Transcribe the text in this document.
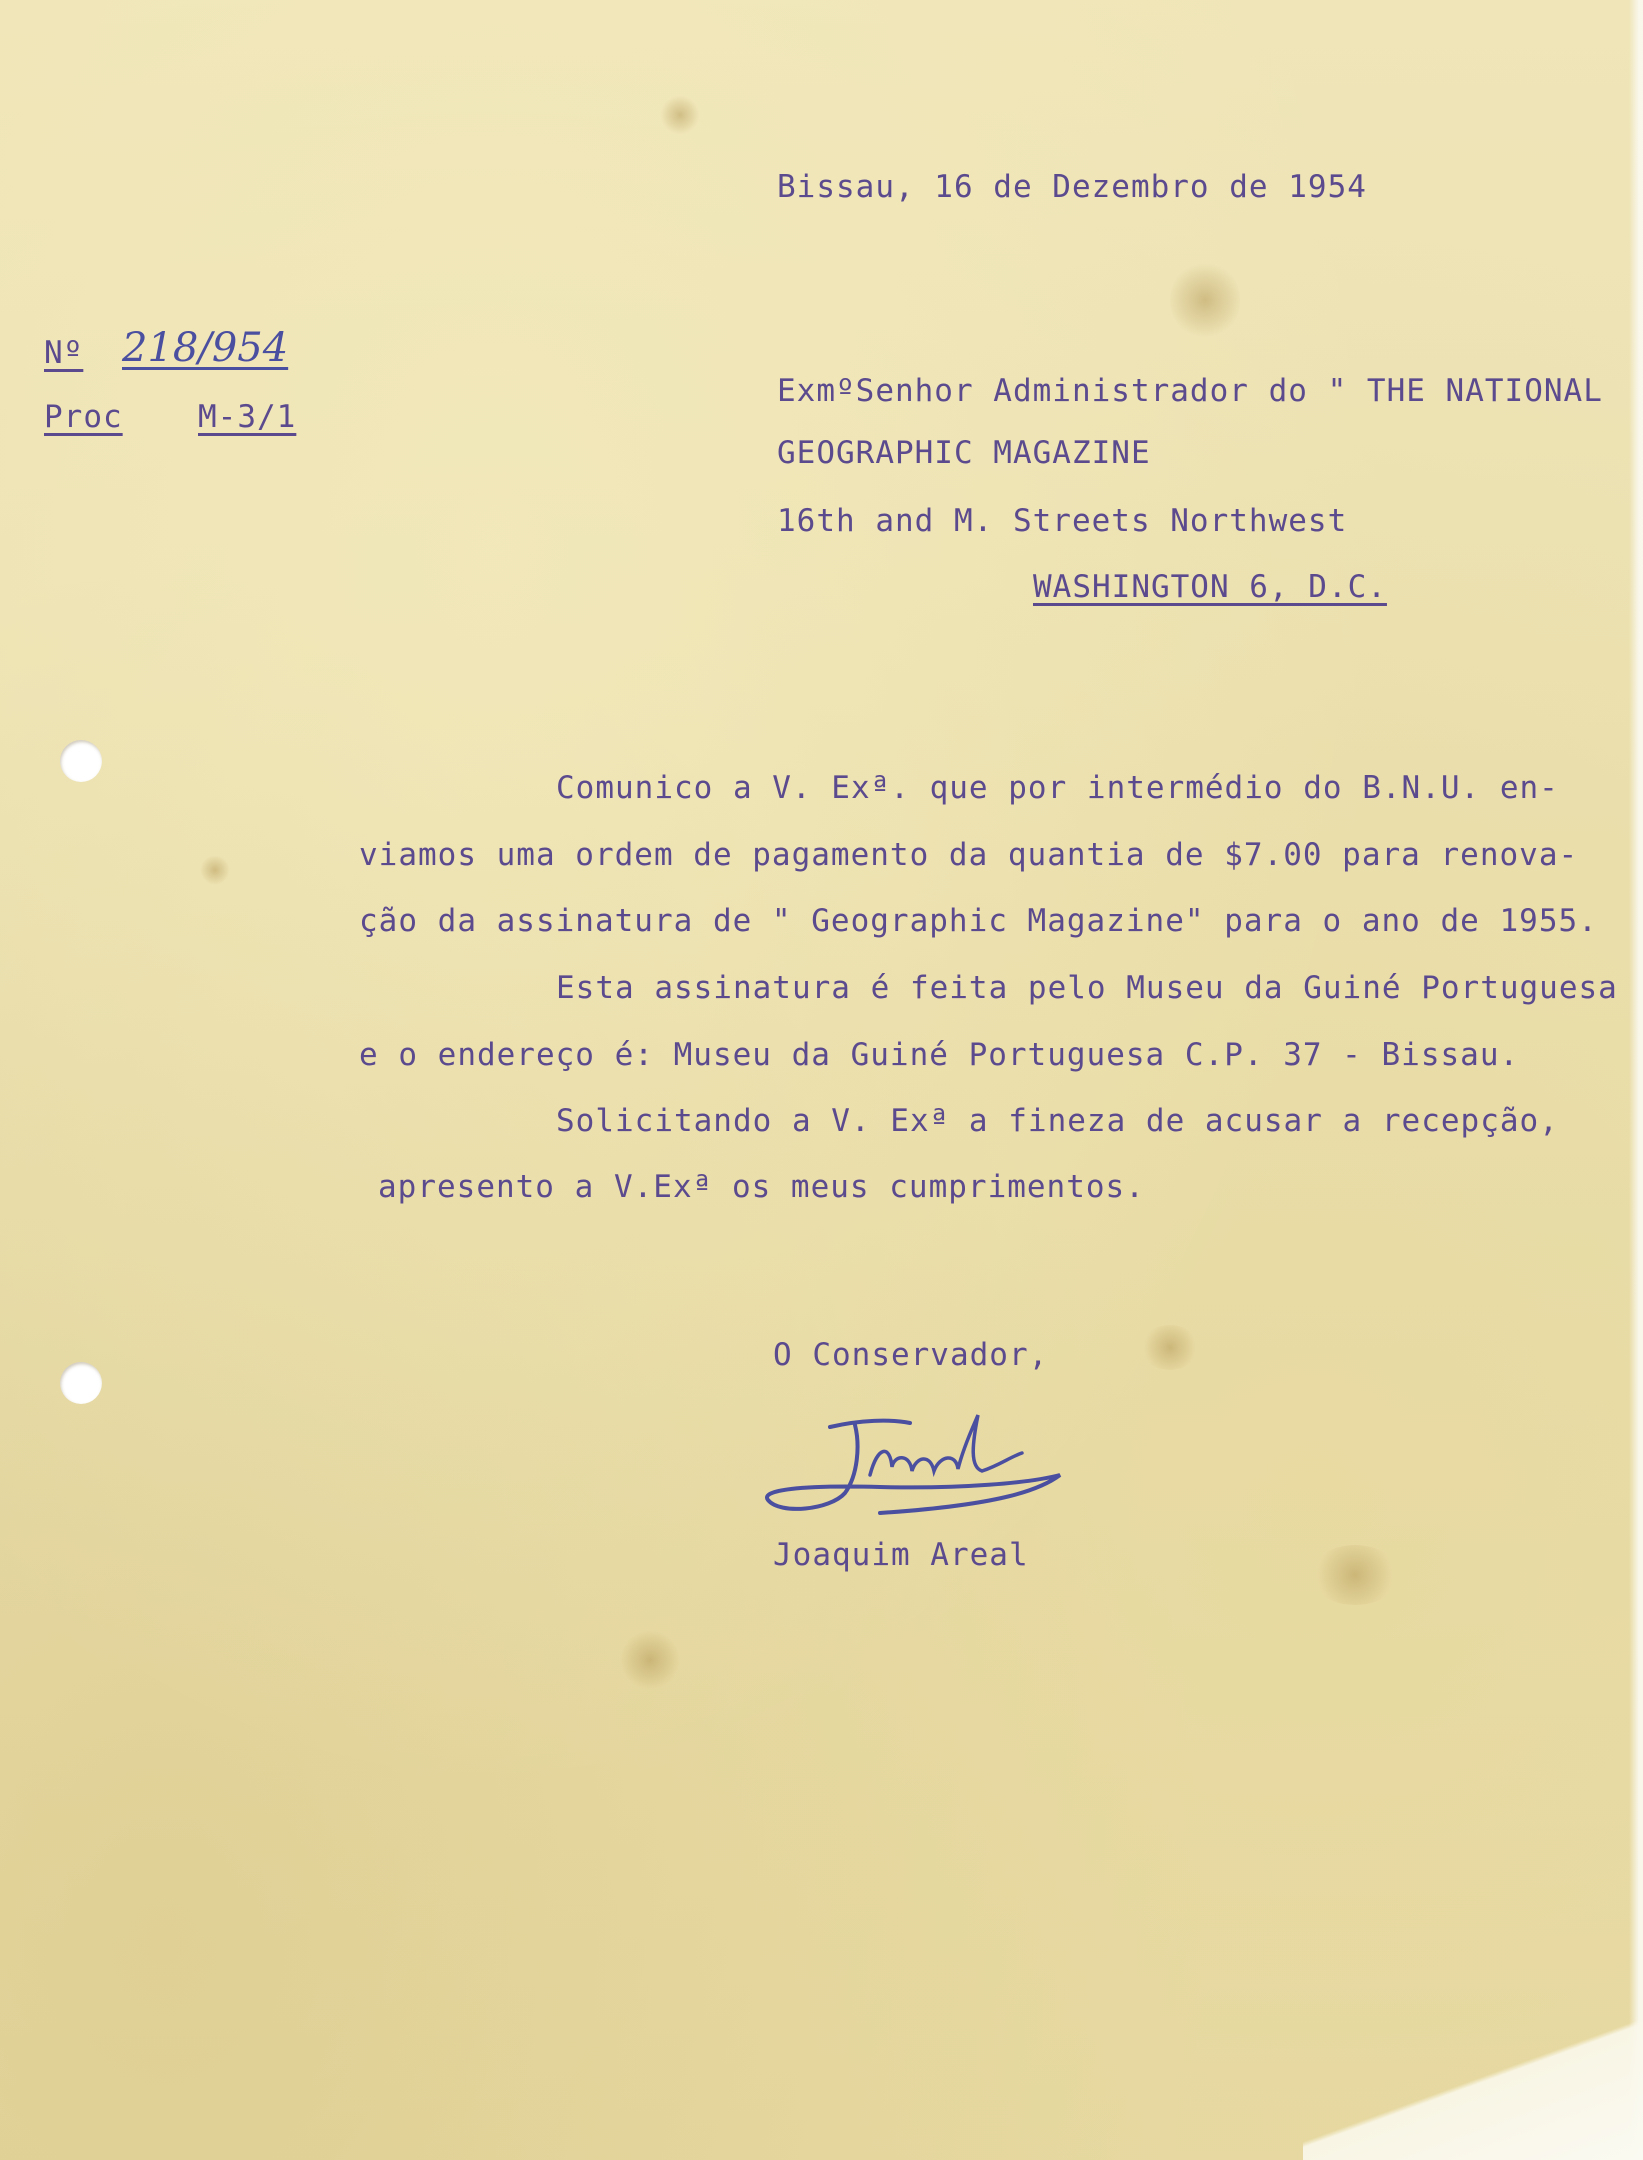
Bissau, 16 de Dezembro de 1954
Nº 218/954
Proc M-3/1
ExmºSenhor Administrador do " THE NATIONAL
GEOGRAPHIC MAGAZINE
16th and M. Streets Northwest
WASHINGTON 6, D.C.
Comunico a V. Exª. que por intermédio do B.N.U. en-
viamos uma ordem de pagamento da quantia de $7.00 para renova-
ção da assinatura de " Geographic Magazine" para o ano de 1955.
Esta assinatura é feita pelo Museu da Guiné Portuguesa
e o endereço é: Museu da Guiné Portuguesa C.P. 37 - Bissau.
Solicitando a V. Exª a fineza de acusar a recepção,
apresento a V.Exª os meus cumprimentos.
O Conservador,
Joaquim Areal
